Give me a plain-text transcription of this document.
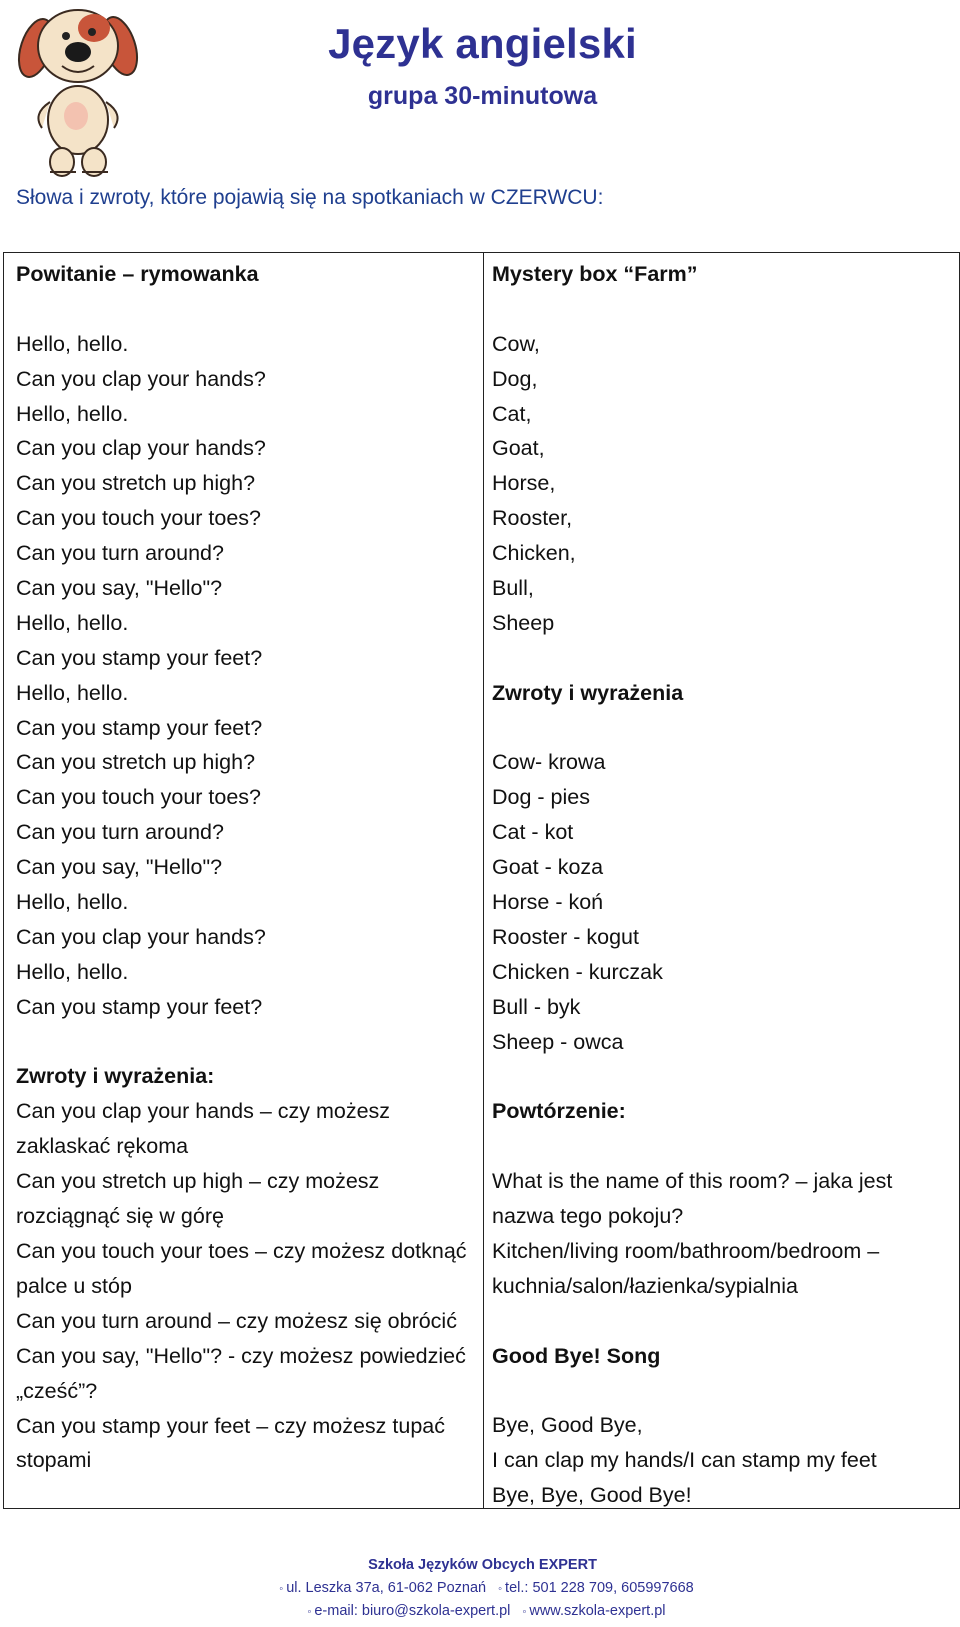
Język angielski
grupa 30-minutowa
Słowa i zwroty, które pojawią się na spotkaniach w CZERWCU:
Powitanie – rymowanka
Hello, hello.
Can you clap your hands?
Hello, hello.
Can you clap your hands?
Can you stretch up high?
Can you touch your toes?
Can you turn around?
Can you say, "Hello"?
Hello, hello.
Can you stamp your feet?
Hello, hello.
Can you stamp your feet?
Can you stretch up high?
Can you touch your toes?
Can you turn around?
Can you say, "Hello"?
Hello, hello.
Can you clap your hands?
Hello, hello.
Can you stamp your feet?
Zwroty i wyrażenia:
Can you clap your hands – czy możesz zaklaskać rękoma
Can you stretch up high – czy możesz rozciągnąć się w górę
Can you touch your toes – czy możesz dotknąć palce u stóp
Can you turn around – czy możesz się obrócić
Can you say, "Hello"? - czy możesz powiedzieć „cześć”?
Can you stamp your feet – czy możesz tupać stopami
Mystery box “Farm”
Cow,
Dog,
Cat,
Goat,
Horse,
Rooster,
Chicken,
Bull,
Sheep
Zwroty i wyrażenia
Cow- krowa
Dog - pies
Cat - kot
Goat - koza
Horse - koń
Rooster - kogut
Chicken - kurczak
Bull - byk
Sheep - owca
Powtórzenie:
What is the name of this room? – jaka jest nazwa tego pokoju?
Kitchen/living room/bathroom/bedroom – kuchnia/salon/łazienka/sypialnia
Good Bye! Song
Bye, Good Bye,
I can clap my hands/I can stamp my feet
Bye, Bye, Good Bye!
Szkoła Języków Obcych EXPERT
◦ ul. Leszka 37a, 61-062 Poznań ◦ tel.: 501 228 709, 605997668
◦ e-mail: biuro@szkola-expert.pl ◦ www.szkola-expert.pl
